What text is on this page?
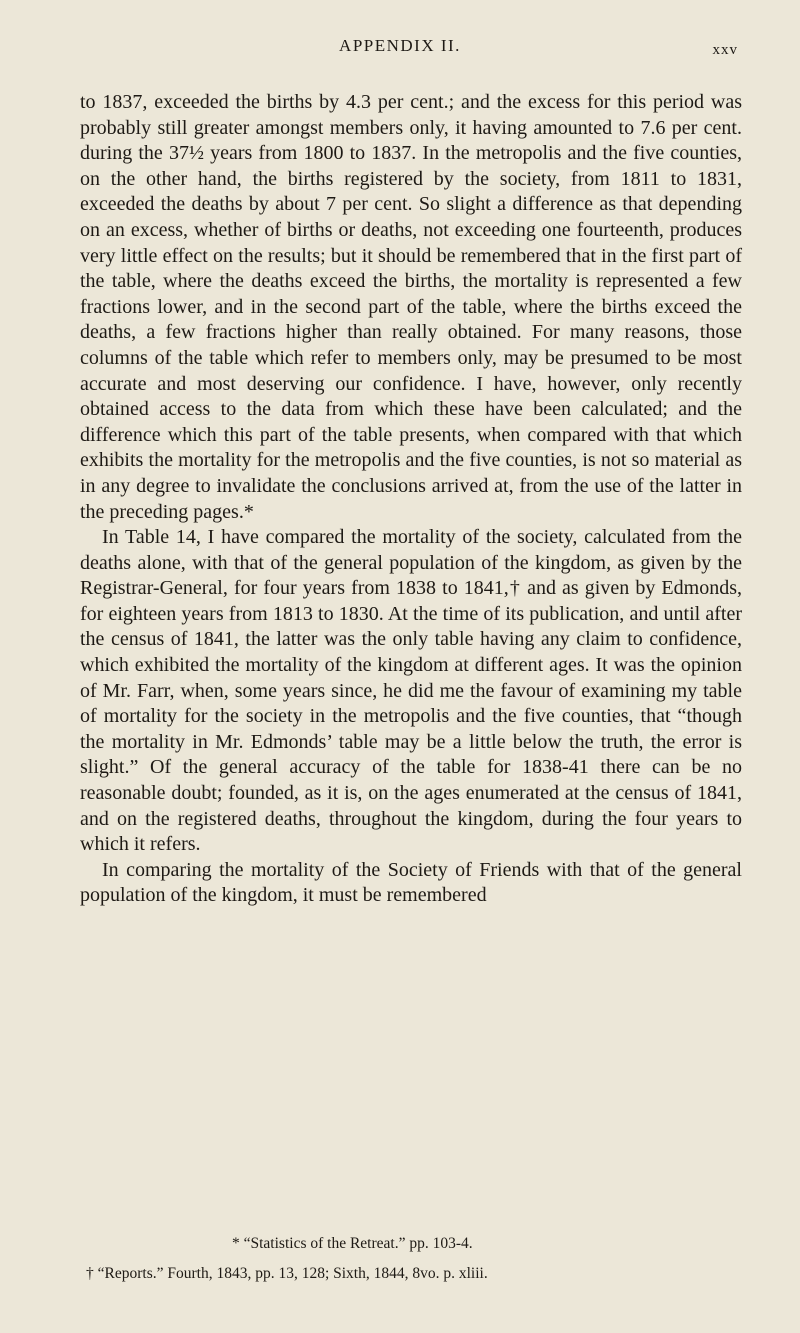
APPENDIX II.	xxv

to 1837, exceeded the births by 4.3 per cent.; and the excess for this period was probably still greater amongst members only, it having amounted to 7.6 per cent. during the 37½ years from 1800 to 1837. In the metropolis and the five counties, on the other hand, the births registered by the society, from 1811 to 1831, exceeded the deaths by about 7 per cent. So slight a difference as that depending on an excess, whether of births or deaths, not exceeding one fourteenth, produces very little effect on the results; but it should be remembered that in the first part of the table, where the deaths exceed the births, the mortality is represented a few fractions lower, and in the second part of the table, where the births exceed the deaths, a few fractions higher than really obtained. For many reasons, those columns of the table which refer to members only, may be presumed to be most accurate and most deserving our confidence. I have, however, only recently obtained access to the data from which these have been calculated; and the difference which this part of the table presents, when compared with that which exhibits the mortality for the metropolis and the five counties, is not so material as in any degree to invalidate the conclusions arrived at, from the use of the latter in the preceding pages.*

In Table 14, I have compared the mortality of the society, calculated from the deaths alone, with that of the general population of the kingdom, as given by the Registrar-General, for four years from 1838 to 1841,† and as given by Edmonds, for eighteen years from 1813 to 1830. At the time of its publication, and until after the census of 1841, the latter was the only table having any claim to confidence, which exhibited the mortality of the kingdom at different ages. It was the opinion of Mr. Farr, when, some years since, he did me the favour of examining my table of mortality for the society in the metropolis and the five counties, that “though the mortality in Mr. Edmonds’ table may be a little below the truth, the error is slight.” Of the general accuracy of the table for 1838-41 there can be no reasonable doubt; founded, as it is, on the ages enumerated at the census of 1841, and on the registered deaths, throughout the kingdom, during the four years to which it refers.

In comparing the mortality of the Society of Friends with that of the general population of the kingdom, it must be remembered

* “Statistics of the Retreat.” pp. 103-4.

† “Reports.” Fourth, 1843, pp. 13, 128; Sixth, 1844, 8vo. p. xliii.
